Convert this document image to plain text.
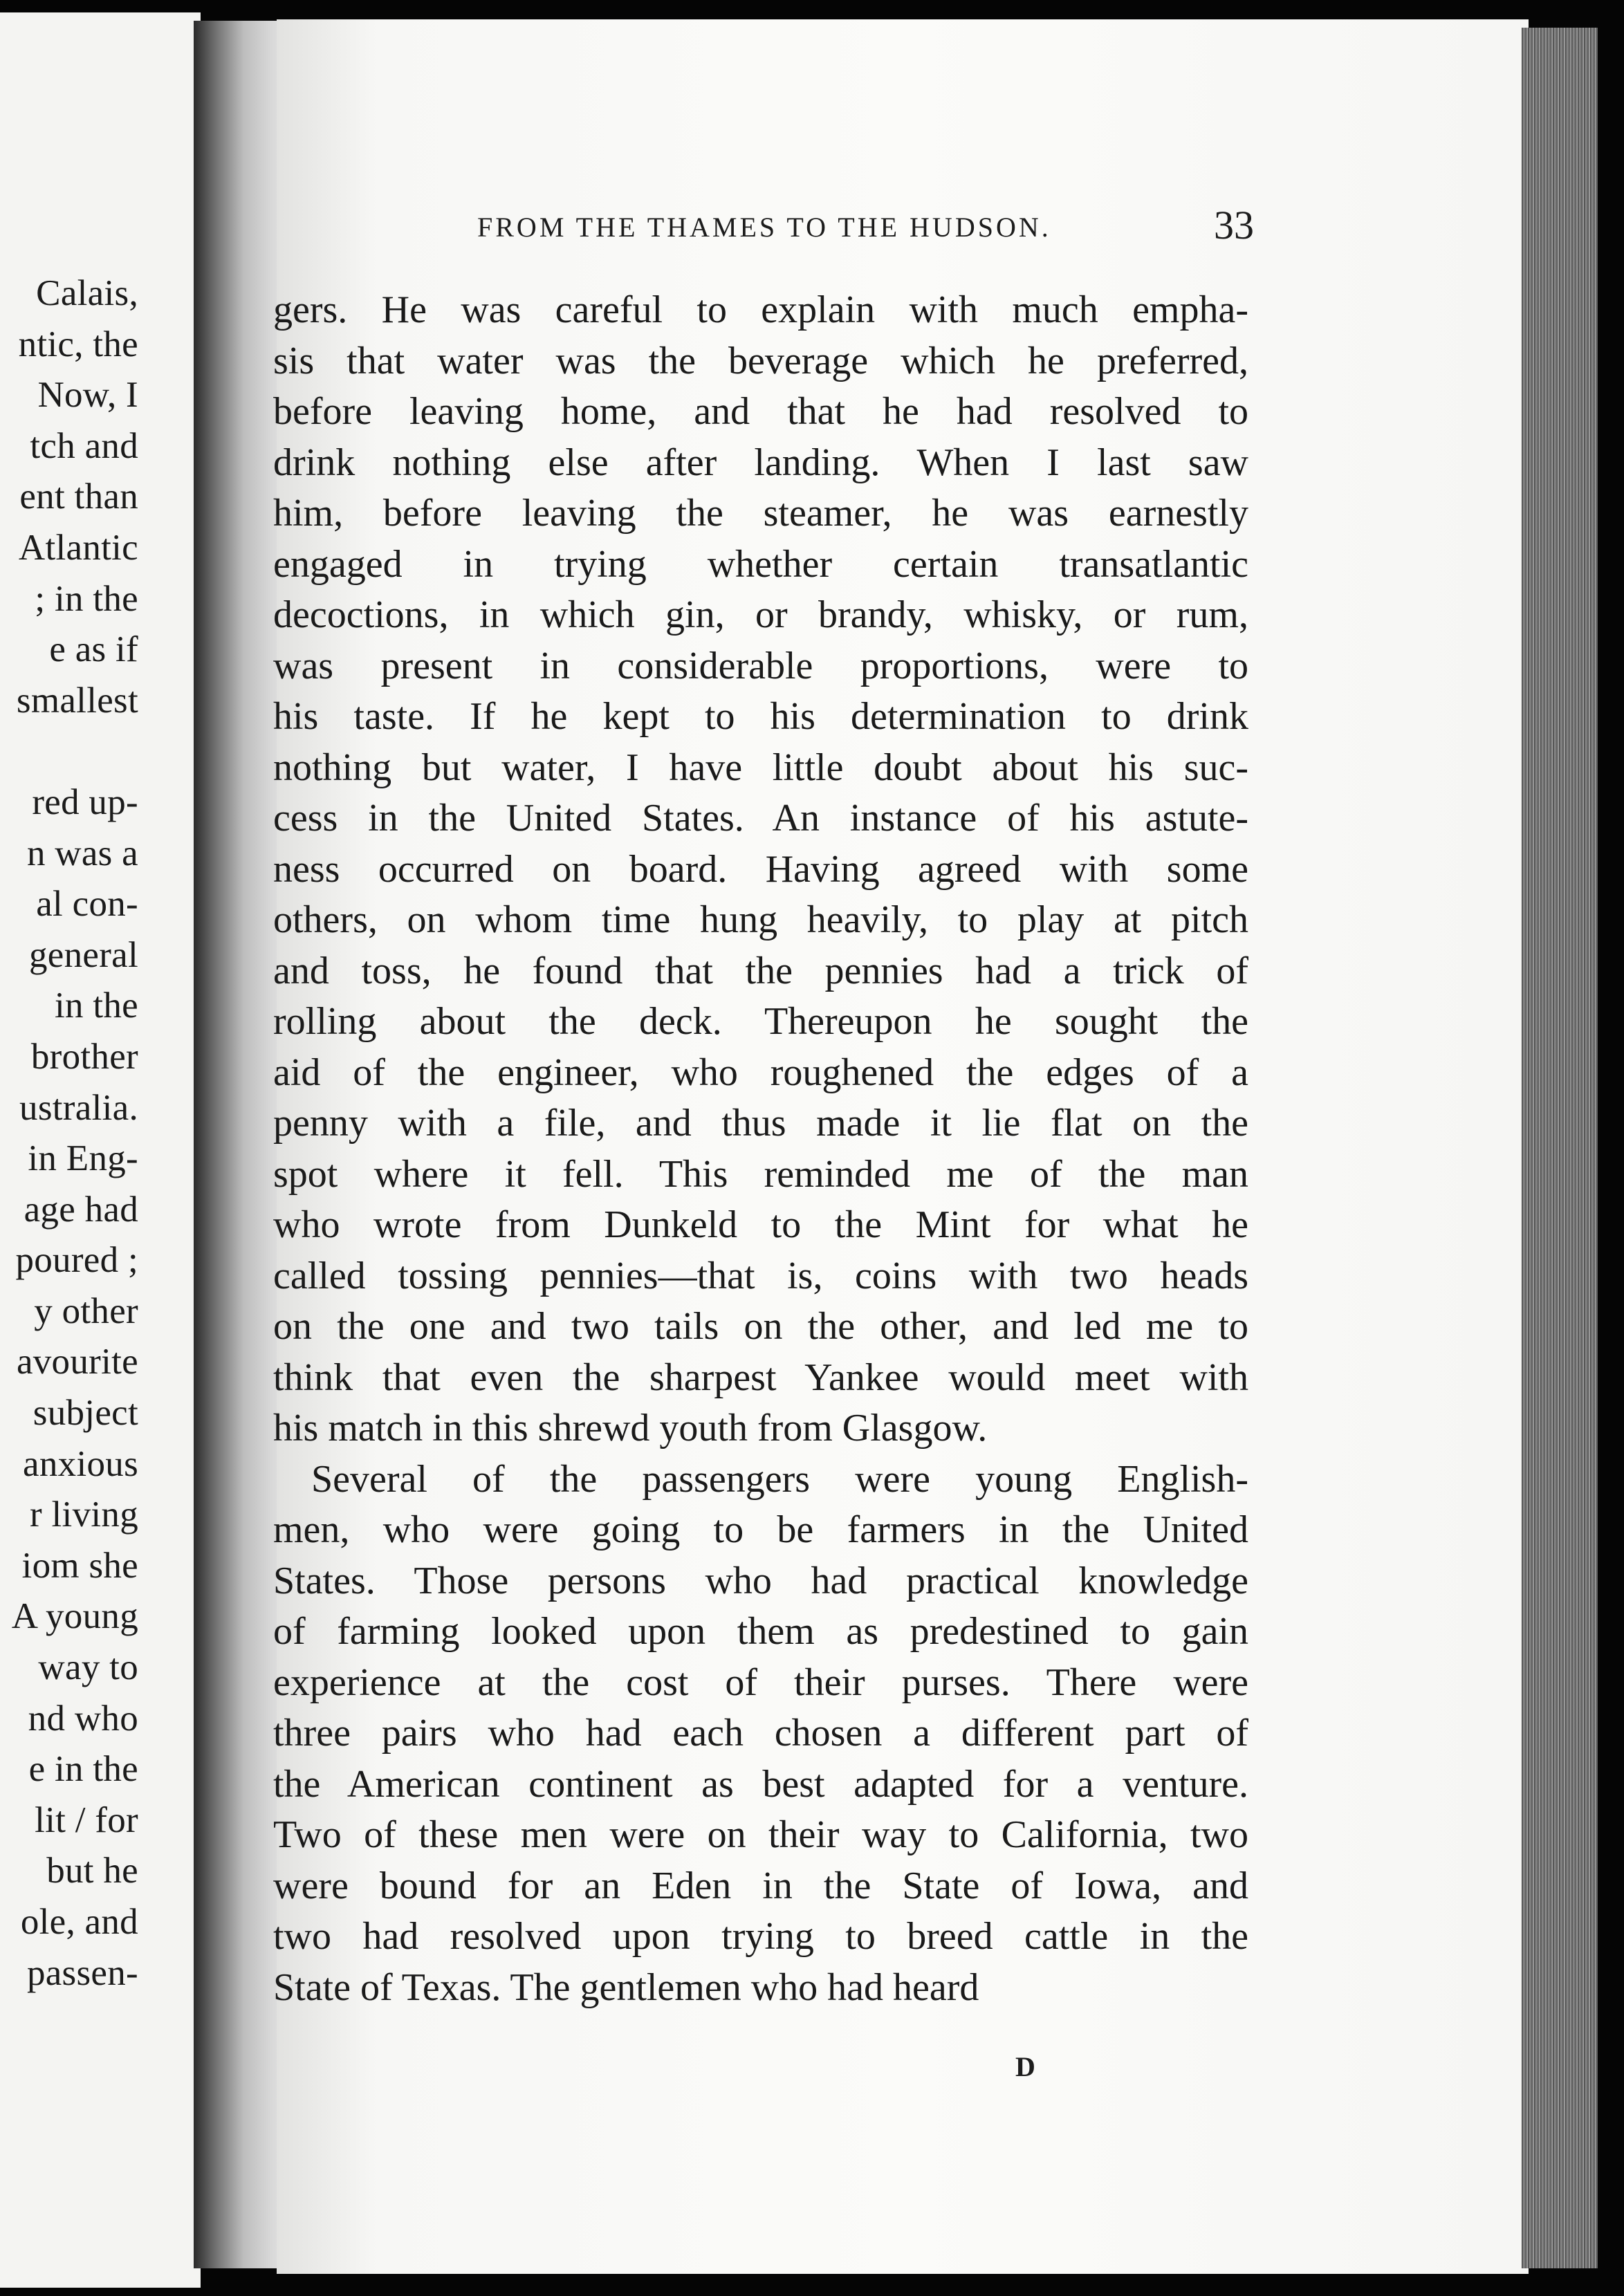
Calais,
ntic, the
Now, I
tch and
ent than
Atlantic
; in the
e as if
smallest
red up-
n was a
al con-
general
in the
brother
ustralia.
in Eng-
age had
poured ;
y other
avourite
subject
anxious
r living
iom she
A young
way to
nd who
e in the
lit / for
but he
ole, and
passen-
FROM THE THAMES TO THE HUDSON.	33
gers. He was careful to explain with much empha-
sis that water was the beverage which he preferred,
before leaving home, and that he had resolved to
drink nothing else after landing. When I last saw
him, before leaving the steamer, he was earnestly
engaged in trying whether certain transatlantic
decoctions, in which gin, or brandy, whisky, or rum,
was present in considerable proportions, were to
his taste. If he kept to his determination to drink
nothing but water, I have little doubt about his suc-
cess in the United States. An instance of his astute-
ness occurred on board. Having agreed with some
others, on whom time hung heavily, to play at pitch
and toss, he found that the pennies had a trick of
rolling about the deck. Thereupon he sought the
aid of the engineer, who roughened the edges of a
penny with a file, and thus made it lie flat on the
spot where it fell. This reminded me of the man
who wrote from Dunkeld to the Mint for what he
called tossing pennies—that is, coins with two heads
on the one and two tails on the other, and led me to
think that even the sharpest Yankee would meet with
his match in this shrewd youth from Glasgow.
Several of the passengers were young English-
men, who were going to be farmers in the United
States. Those persons who had practical knowledge
of farming looked upon them as predestined to gain
experience at the cost of their purses. There were
three pairs who had each chosen a different part of
the American continent as best adapted for a venture.
Two of these men were on their way to California, two
were bound for an Eden in the State of Iowa, and
two had resolved upon trying to breed cattle in the
State of Texas. The gentlemen who had heard
D
